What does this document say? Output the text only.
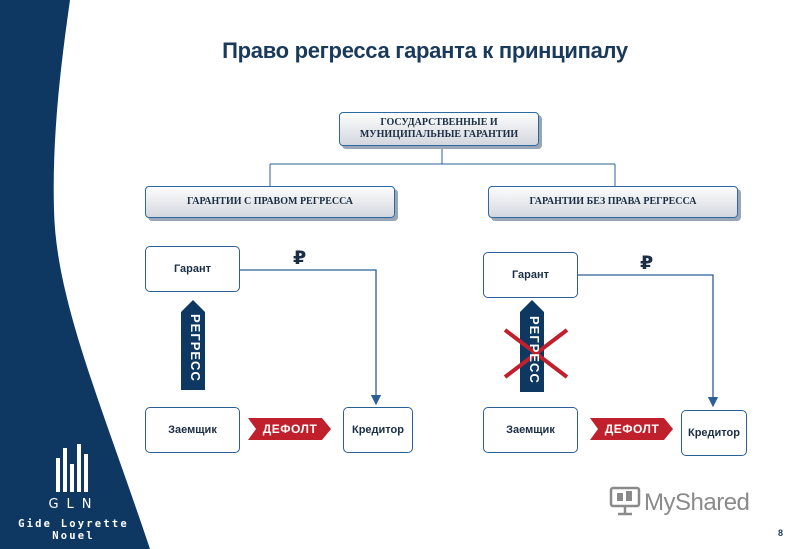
GLN
Gide Loyrette Nouel
Право регресса гаранта к принципалу
ГОСУДАРСТВЕННЫЕ И МУНИЦИПАЛЬНЫЕ ГАРАНТИИ
ГАРАНТИИ С ПРАВОМ РЕГРЕССА	ГАРАНТИИ БЕЗ ПРАВА РЕГРЕССА
Гарант
Заемщик	Кредитор
₽
РЕГРЕСС
ДЕФОЛТ
Гарант
Заемщик	Кредитор
₽
РЕГРЕСС
ДЕФОЛТ
MyShared
8
